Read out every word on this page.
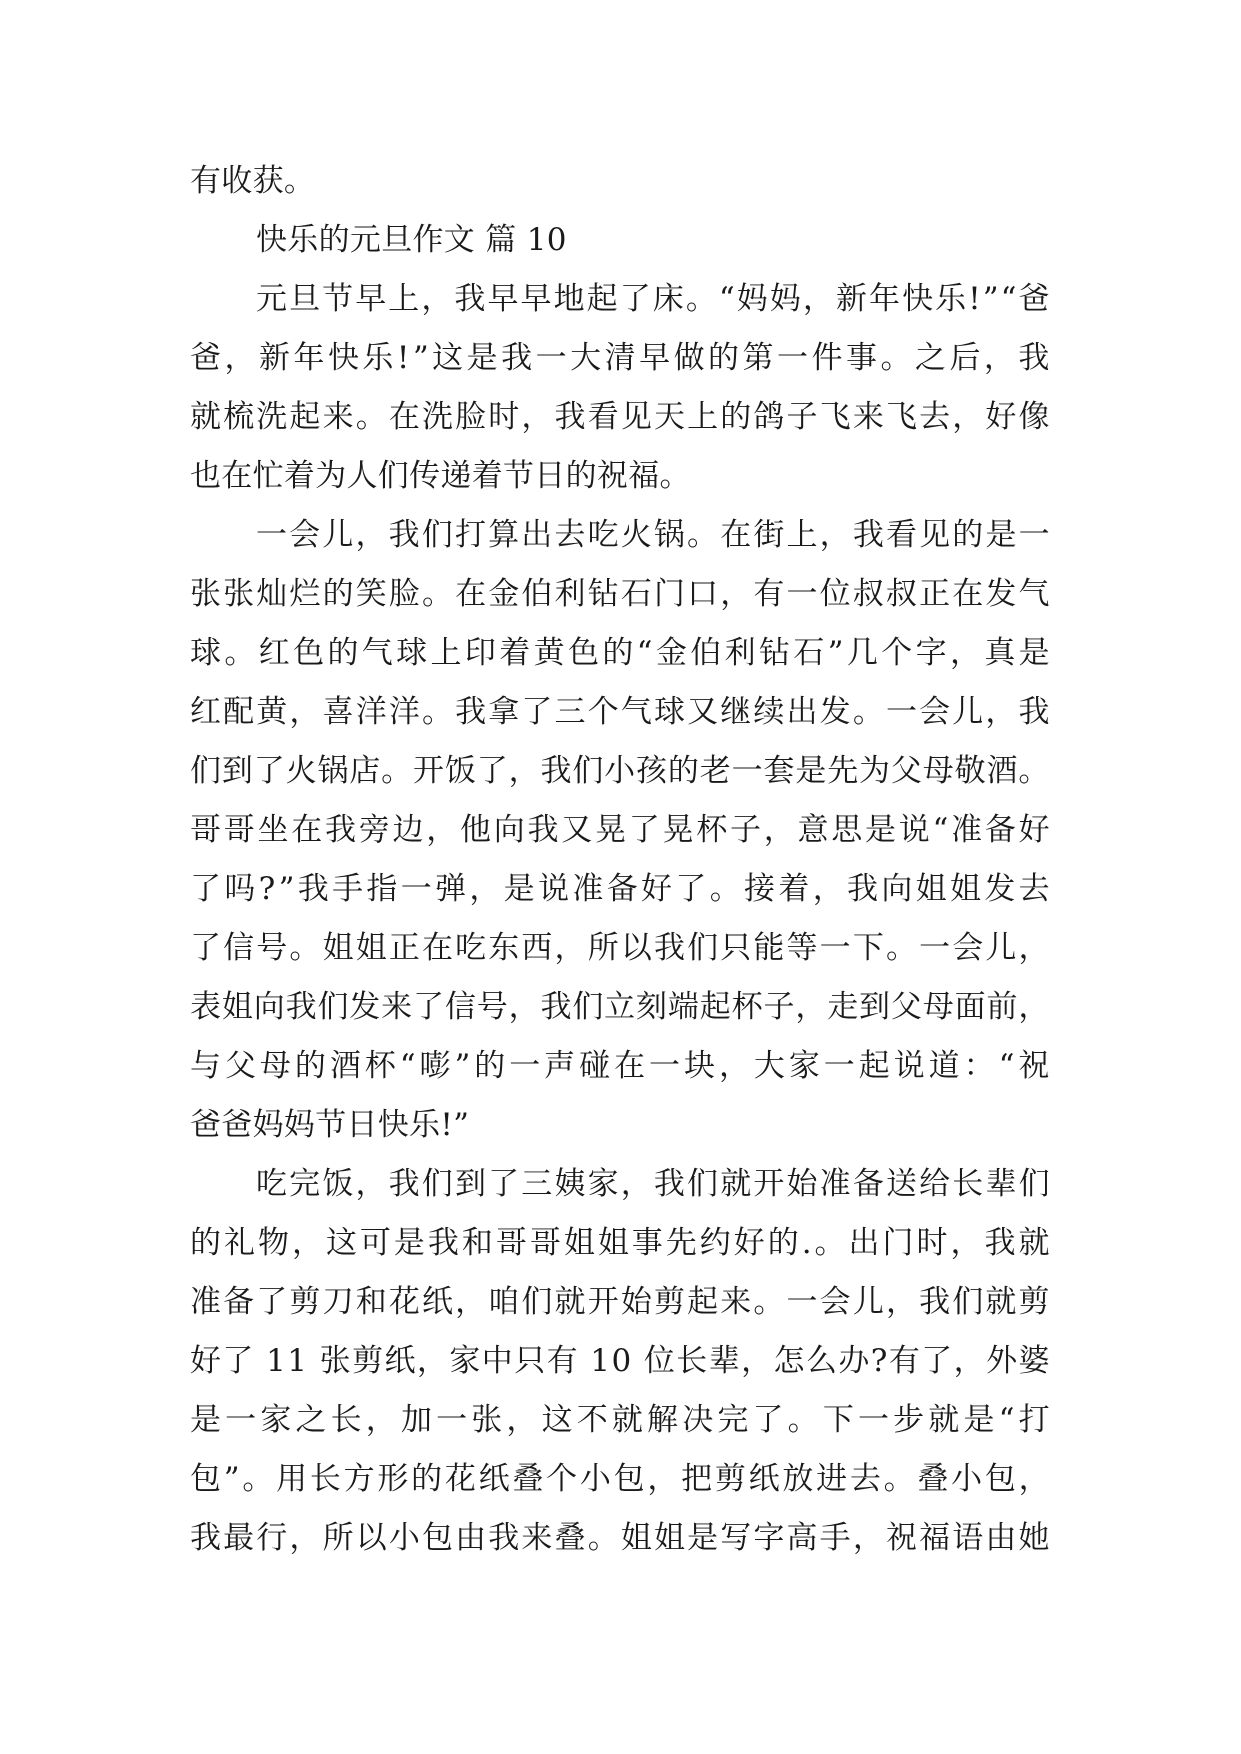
有收获。
快乐的元旦作文 篇 10
元 旦 节 早 上 ， 我 早 早 地 起 了 床 。 “ 妈 妈 ， 新 年 快 乐 ! ” “ 爸
爸 ， 新 年 快 乐 ! ” 这 是 我 一 大 清 早 做 的 第 一 件 事 。 之 后 ， 我
就 梳 洗 起 来 。 在 洗 脸 时 ， 我 看 见 天 上 的 鸽 子 飞 来 飞 去 ， 好 像
也在忙着为人们传递着节日的祝福。
一 会 儿 ， 我 们 打 算 出 去 吃 火 锅 。 在 街 上 ， 我 看 见 的 是 一
张 张 灿 烂 的 笑 脸 。 在 金 伯 利 钻 石 门 口 ， 有 一 位 叔 叔 正 在 发 气
球 。 红 色 的 气 球 上 印 着 黄 色 的 “ 金 伯 利 钻 石 ” 几 个 字 ， 真 是
红 配 黄 ， 喜 洋 洋 。 我 拿 了 三 个 气 球 又 继 续 出 发 。 一 会 儿 ， 我
们 到 了 火 锅 店 。 开 饭 了 ， 我 们 小 孩 的 老 一 套 是 先 为 父 母 敬 酒 。
哥 哥 坐 在 我 旁 边 ， 他 向 我 又 晃 了 晃 杯 子 ， 意 思 是 说 “ 准 备 好
了 吗 ? ” 我 手 指 一 弹 ， 是 说 准 备 好 了 。 接 着 ， 我 向 姐 姐 发 去
了 信 号 。 姐 姐 正 在 吃 东 西 ， 所 以 我 们 只 能 等 一 下 。 一 会 儿 ，
表 姐 向 我 们 发 来 了 信 号 ， 我 们 立 刻 端 起 杯 子 ， 走 到 父 母 面 前 ，
与 父 母 的 酒 杯 “ 嘭 ” 的 一 声 碰 在 一 块 ， 大 家 一 起 说 道 ： “ 祝
爸爸妈妈节日快乐!”
吃 完 饭 ， 我 们 到 了 三 姨 家 ， 我 们 就 开 始 准 备 送 给 长 辈 们
的 礼 物 ， 这 可 是 我 和 哥 哥 姐 姐 事 先 约 好 的 . 。 出 门 时 ， 我 就
准 备 了 剪 刀 和 花 纸 ， 咱 们 就 开 始 剪 起 来 。 一 会 儿 ， 我 们 就 剪
好 了
1 1
张 剪 纸 ， 家 中 只 有
1 0
位 长 辈 ， 怎 么 办 ? 有 了 ， 外 婆
是 一 家 之 长 ， 加 一 张 ， 这 不 就 解 决 完 了 。 下 一 步 就 是 “ 打
包 ” 。 用 长 方 形 的 花 纸 叠 个 小 包 ， 把 剪 纸 放 进 去 。 叠 小 包 ，
我 最 行 ， 所 以 小 包 由 我 来 叠 。 姐 姐 是 写 字 高 手 ， 祝 福 语 由 她
